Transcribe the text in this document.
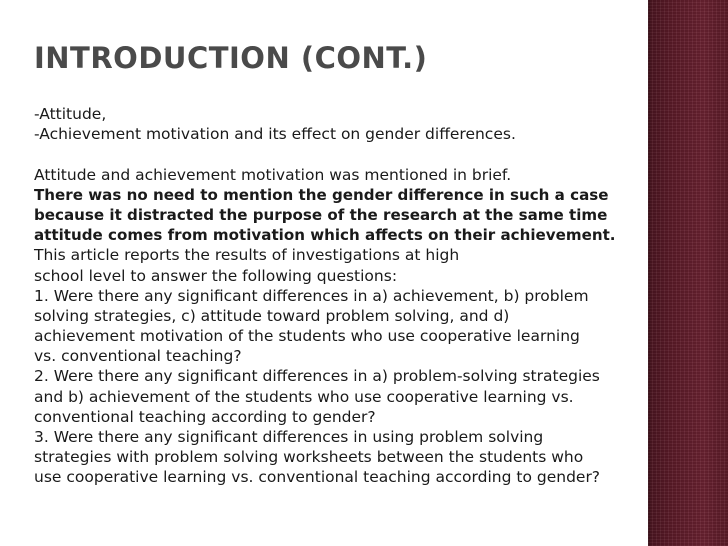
INTRODUCTION (CONT.)
-Attitude,
-Achievement motivation and its effect on gender differences.
Attitude and achievement motivation was mentioned in brief.
There was no need to mention the gender difference in such a case
because it distracted the purpose of the research at the same time
attitude comes from motivation which affects on their achievement.
This article reports the results of investigations at high
school level to answer the following questions:
1. Were there any significant differences in a) achievement, b) problem
solving strategies, c) attitude toward problem solving, and d)
achievement motivation of the students who use cooperative learning
vs. conventional teaching?
2. Were there any significant differences in a) problem-solving strategies
and b) achievement of the students who use cooperative learning vs.
conventional teaching according to gender?
3. Were there any significant differences in using problem solving
strategies with problem solving worksheets between the students who
use cooperative learning vs. conventional teaching according to gender?
